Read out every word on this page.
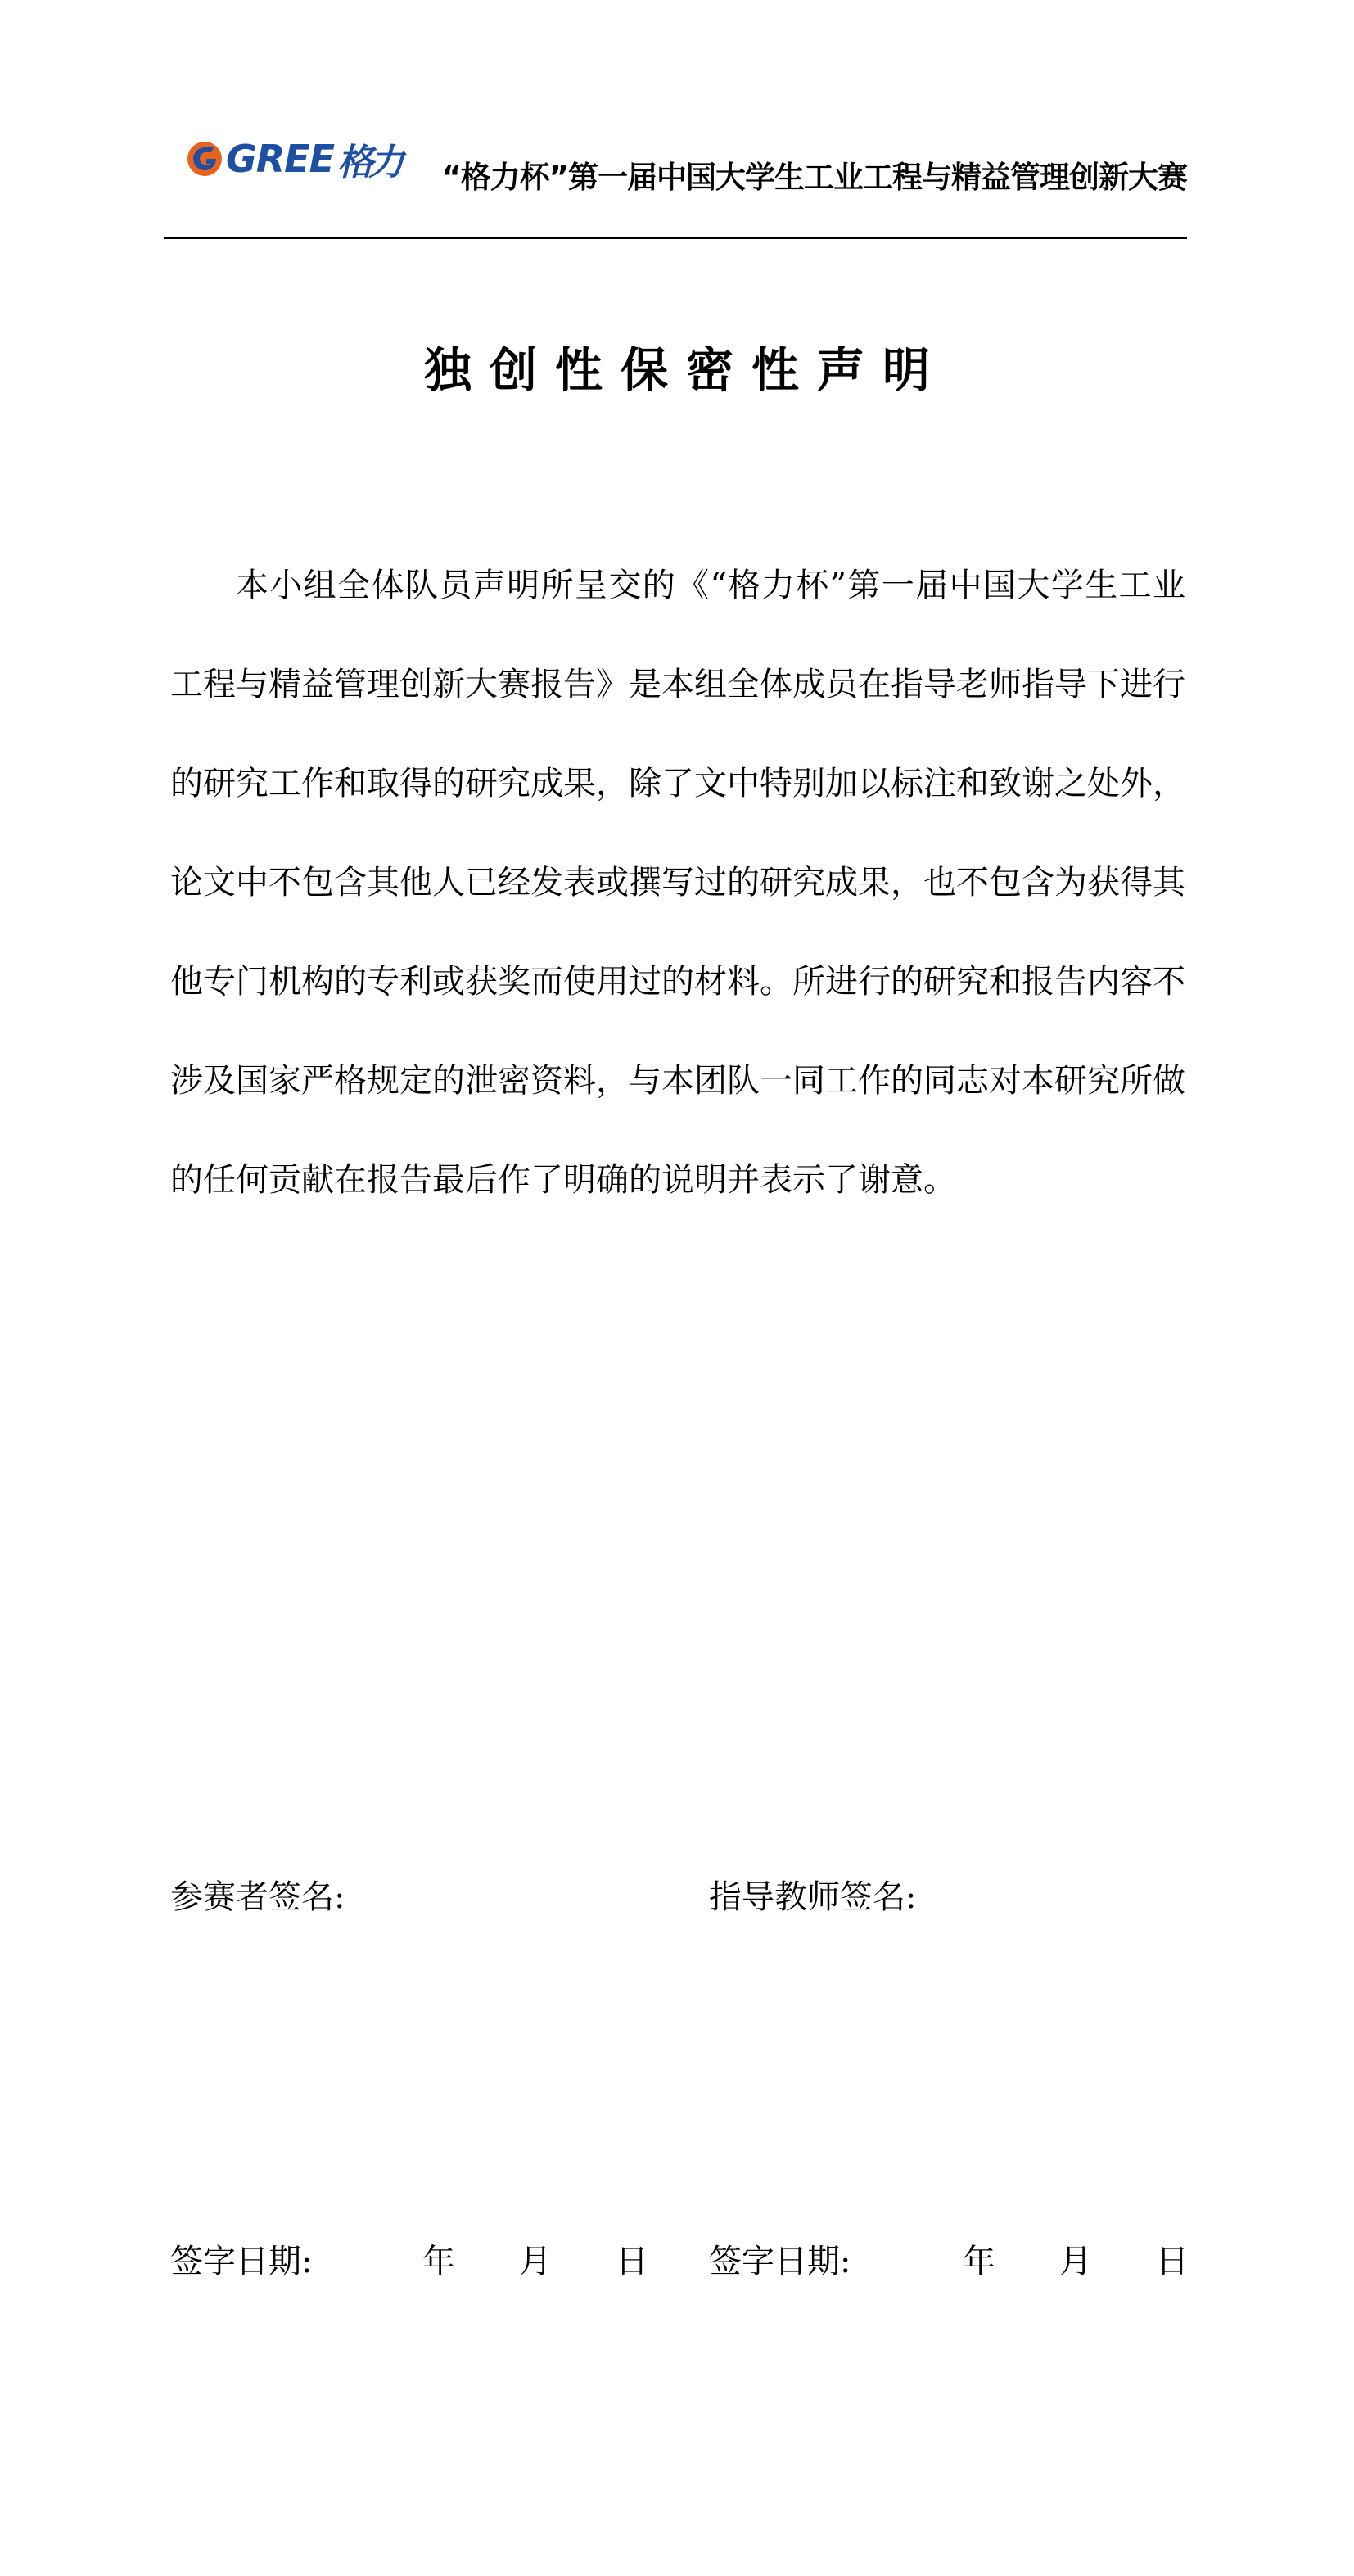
GREE 格力 “格力杯”第一届中国大学生工业工程与精益管理创新大赛
独创性保密性声明

本小组全体队员声明所呈交的《“格力杯”第一届中国大学生工业工程与精益管理创新大赛报告》是本组全体成员在指导老师指导下进行的研究工作和取得的研究成果，除了文中特别加以标注和致谢之处外，论文中不包含其他人已经发表或撰写过的研究成果，也不包含为获得其他专门机构的专利或获奖而使用过的材料。所进行的研究和报告内容不涉及国家严格规定的泄密资料，与本团队一同工作的同志对本研究所做的任何贡献在报告最后作了明确的说明并表示了谢意。

参赛者签名:	指导教师签名:
签字日期:	年 月 日 签字日期:	年 月 日
